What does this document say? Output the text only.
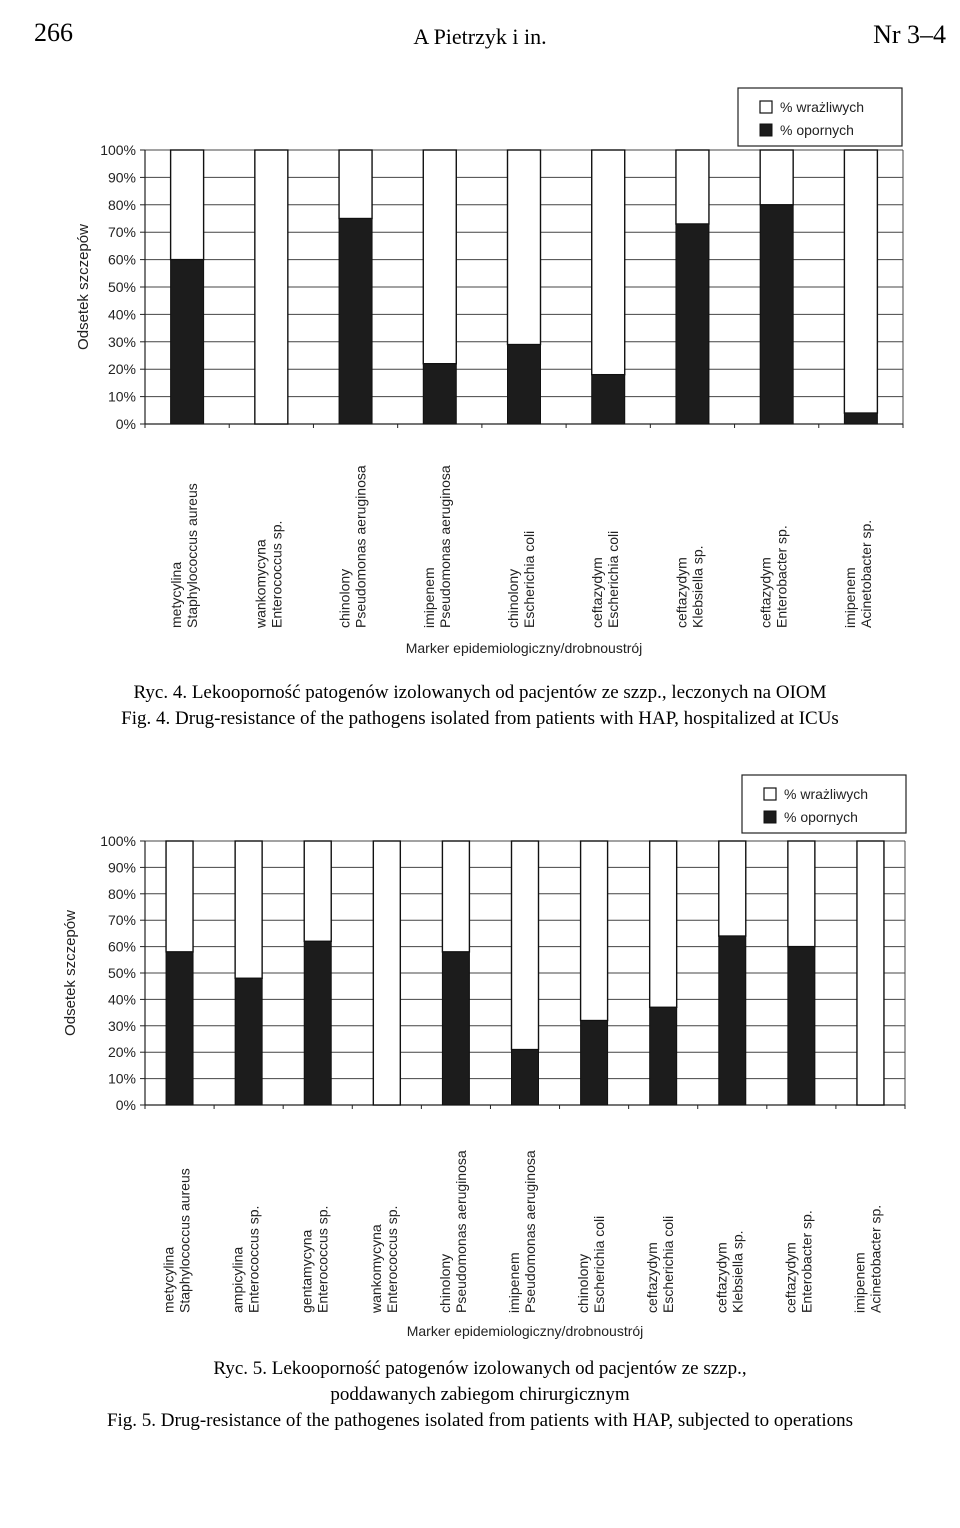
266	A Pietrzyk i in.	Nr 3–4
0%
10%
20%
30%
40%
50%
60%
70%
80%
90%
100%
metycylinaStaphylococcus aureus	wankomycynaEnterococcus sp.	chinolonyPseudomonas aeruginosa	imipenemPseudomonas aeruginosa	chinolonyEscherichia coli	ceftazydymEscherichia coli	ceftazydymKlebsiella sp.	ceftazydymEnterobacter sp.	imipenemAcinetobacter sp.
Odsetek szczepów
Marker epidemiologiczny/drobnoustrój
% wrażliwych
% opornych
Ryc. 4. Lekooporność patogenów izolowanych od pacjentów ze szzp., leczonych na OIOM
Fig. 4. Drug-resistance of the pathogens isolated from patients with HAP, hospitalized at ICUs
0%
10%
20%
30%
40%
50%
60%
70%
80%
90%
100%
metycylinaStaphylococcus aureus	ampicylinaEnterococcus sp.	gentamycynaEnterococcus sp.	wankomycynaEnterococcus sp.	chinolonyPseudomonas aeruginosa	imipenemPseudomonas aeruginosa	chinolonyEscherichia coli	ceftazydymEscherichia coli	ceftazydymKlebsiella sp.	ceftazydymEnterobacter sp.	imipenemAcinetobacter sp.
Odsetek szczepów
Marker epidemiologiczny/drobnoustrój
% wrażliwych
% opornych
Ryc. 5. Lekooporność patogenów izolowanych od pacjentów ze szzp.,
poddawanych zabiegom chirurgicznym
Fig. 5. Drug-resistance of the pathogenes isolated from patients with HAP, subjected to operations
